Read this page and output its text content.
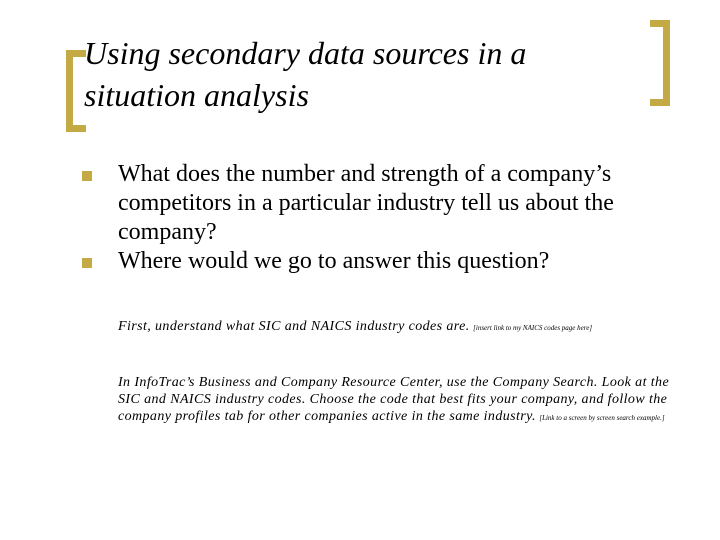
Using secondary data sources in a
situation analysis
What does the number and strength of a company’s competitors in a particular industry tell us about the company?
Where would we go to answer this question?
First, understand what SIC and NAICS industry codes are. [insert link to my NAICS codes page here]
In InfoTrac’s Business and Company Resource Center, use the Company Search. Look at the SIC and NAICS industry codes. Choose the code that best fits your company, and follow the company profiles tab for other companies active in the same industry. [Link to a screen by screen search example.]
